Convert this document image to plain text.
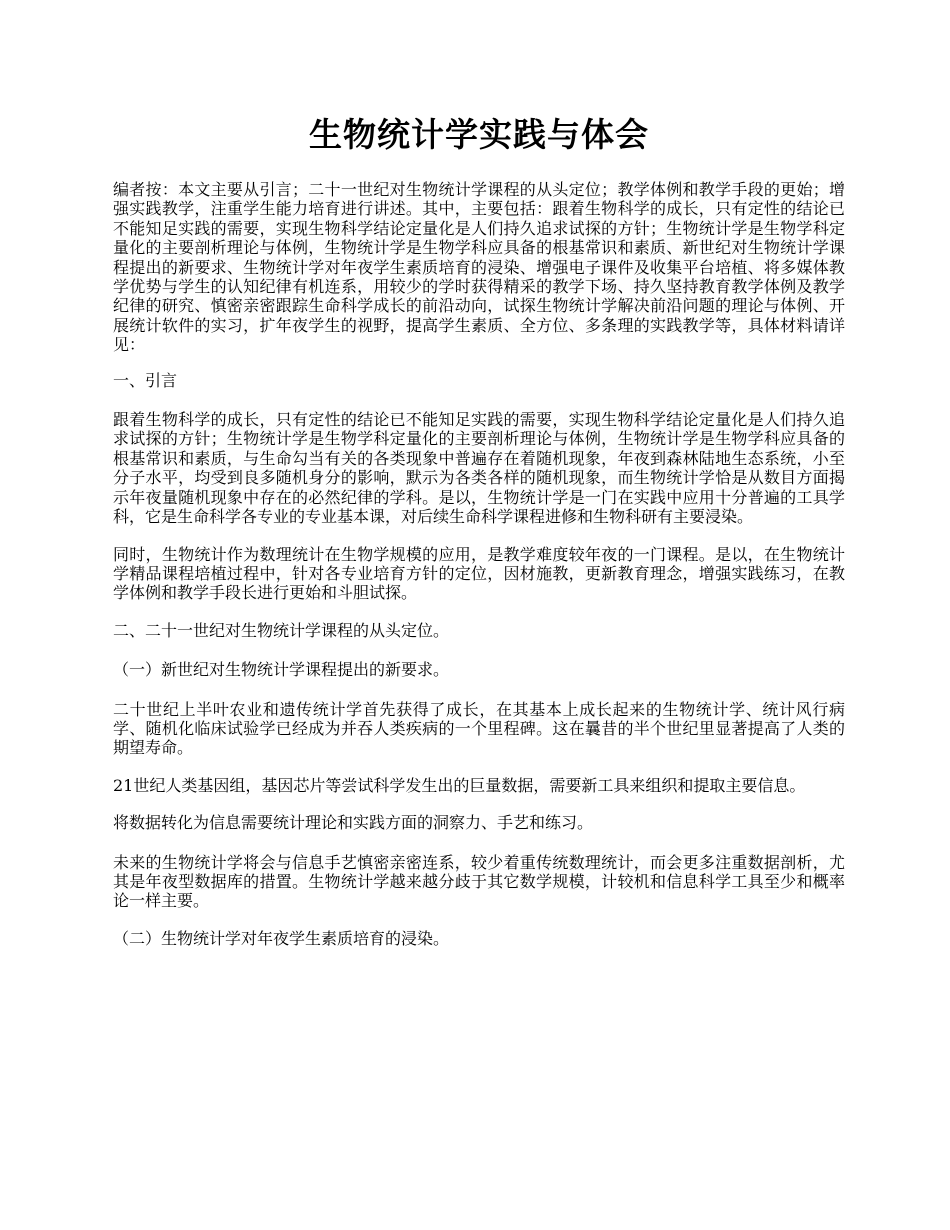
生物统计学实践与体会

编者按：本文主要从引言；二十一世纪对生物统计学课程的从头定位；教学体例和教学手段的更始；增强实践教学，注重学生能力培育进行讲述。其中，主要包括：跟着生物科学的成长，只有定性的结论已不能知足实践的需要，实现生物科学结论定量化是人们持久追求试探的方针；生物统计学是生物学科定量化的主要剖析理论与体例，生物统计学是生物学科应具备的根基常识和素质、新世纪对生物统计学课程提出的新要求、生物统计学对年夜学生素质培育的浸染、增强电子课件及收集平台培植、将多媒体教学优势与学生的认知纪律有机连系，用较少的学时获得精采的教学下场、持久坚持教育教学体例及教学纪律的研究、慎密亲密跟踪生命科学成长的前沿动向，试探生物统计学解决前沿问题的理论与体例、开展统计软件的实习，扩年夜学生的视野，提高学生素质、全方位、多条理的实践教学等，具体材料请详见：

一、引言

跟着生物科学的成长，只有定性的结论已不能知足实践的需要，实现生物科学结论定量化是人们持久追求试探的方针；生物统计学是生物学科定量化的主要剖析理论与体例，生物统计学是生物学科应具备的根基常识和素质，与生命勾当有关的各类现象中普遍存在着随机现象，年夜到森林陆地生态系统，小至分子水平，均受到良多随机身分的影响，默示为各类各样的随机现象，而生物统计学恰是从数目方面揭示年夜量随机现象中存在的必然纪律的学科。是以，生物统计学是一门在实践中应用十分普遍的工具学科，它是生命科学各专业的专业基本课，对后续生命科学课程进修和生物科研有主要浸染。

同时，生物统计作为数理统计在生物学规模的应用，是教学难度较年夜的一门课程。是以，在生物统计学精品课程培植过程中，针对各专业培育方针的定位，因材施教，更新教育理念，增强实践练习，在教学体例和教学手段长进行更始和斗胆试探。

二、二十一世纪对生物统计学课程的从头定位。

（一）新世纪对生物统计学课程提出的新要求。

二十世纪上半叶农业和遗传统计学首先获得了成长，在其基本上成长起来的生物统计学、统计风行病学、随机化临床试验学已经成为并吞人类疾病的一个里程碑。这在曩昔的半个世纪里显著提高了人类的期望寿命。

21世纪人类基因组，基因芯片等尝试科学发生出的巨量数据，需要新工具来组织和提取主要信息。

将数据转化为信息需要统计理论和实践方面的洞察力、手艺和练习。

未来的生物统计学将会与信息手艺慎密亲密连系，较少着重传统数理统计，而会更多注重数据剖析，尤其是年夜型数据库的措置。生物统计学越来越分歧于其它数学规模，计较机和信息科学工具至少和概率论一样主要。

（二）生物统计学对年夜学生素质培育的浸染。
